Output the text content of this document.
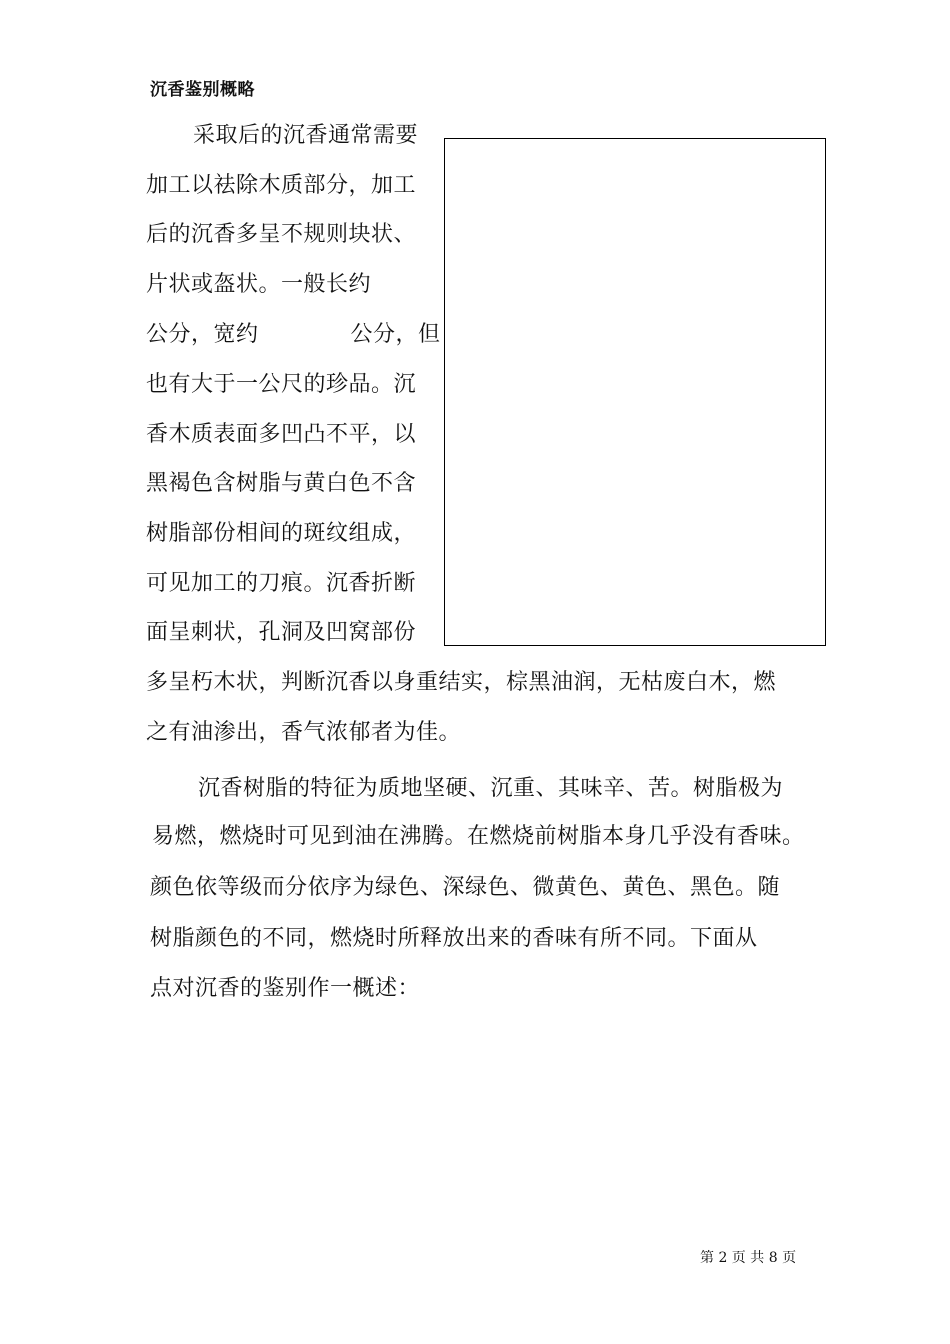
沉香鉴别概略
采取后的沉香通常需要
加工以祛除木质部分，加工
后的沉香多呈不规则块状、
片状或盔状。一般长约
公分，宽约	公分，但
也有大于一公尺的珍品。沉
香木质表面多凹凸不平，以
黑褐色含树脂与黄白色不含
树脂部份相间的斑纹组成，
可见加工的刀痕。沉香折断
面呈刺状，孔洞及凹窝部份
多呈朽木状，判断沉香以身重结实，棕黑油润，无枯废白木，燃
之有油渗出，香气浓郁者为佳。
沉香树脂的特征为质地坚硬、沉重、其味辛、苦。树脂极为
易燃，燃烧时可见到油在沸腾。在燃烧前树脂本身几乎没有香味。
颜色依等级而分依序为绿色、深绿色、微黄色、黄色、黑色。随
树脂颜色的不同，燃烧时所释放出来的香味有所不同。下面从
点对沉香的鉴别作一概述：
第 2 页 共 8 页
